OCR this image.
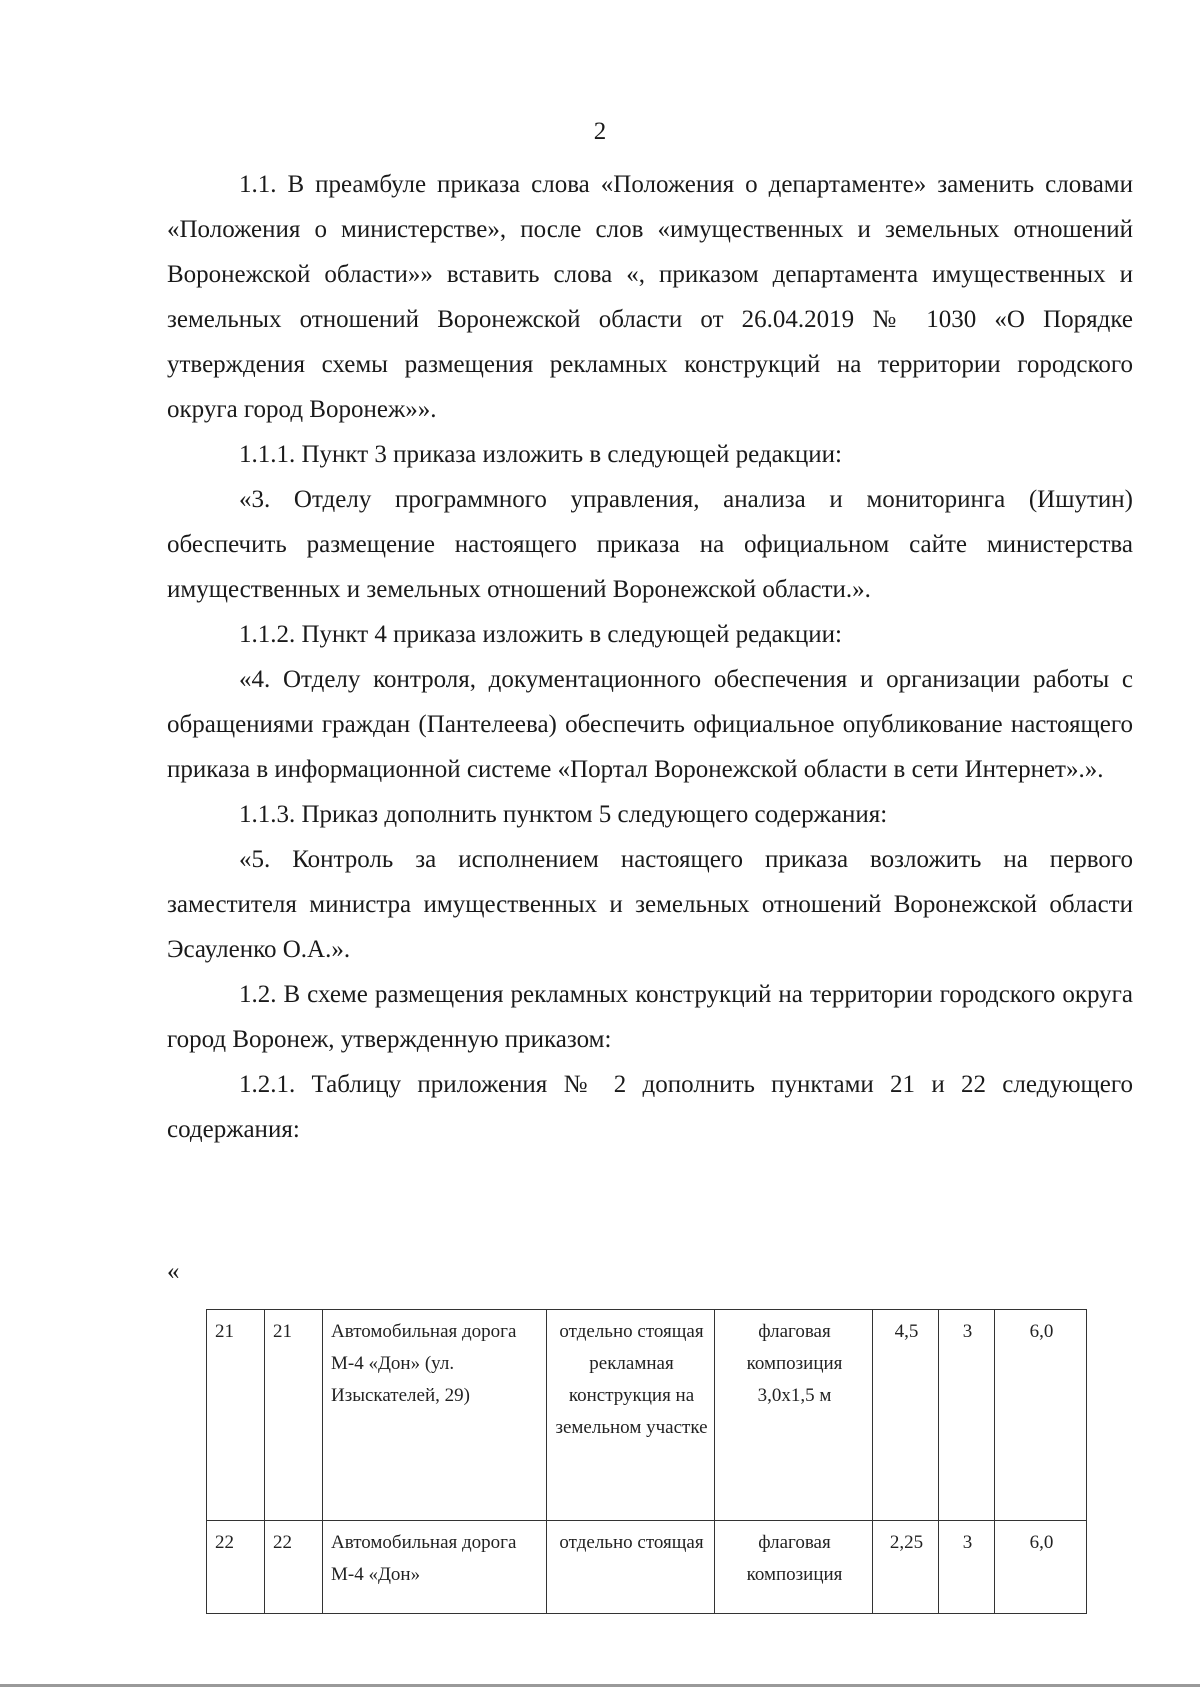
2

1.1. В преамбуле приказа слова «Положения о департаменте» заменить словами «Положения о министерстве», после слов «имущественных и земельных отношений Воронежской области»» вставить слова «, приказом департамента имущественных и земельных отношений Воронежской области от 26.04.2019 № 1030 «О Порядке утверждения схемы размещения рекламных конструкций на территории городского округа город Воронеж»».

1.1.1. Пункт 3 приказа изложить в следующей редакции:

«3. Отделу программного управления, анализа и мониторинга (Ишутин) обеспечить размещение настоящего приказа на официальном сайте министерства имущественных и земельных отношений Воронежской области.».

1.1.2. Пункт 4 приказа изложить в следующей редакции:

«4. Отделу контроля, документационного обеспечения и организации работы с обращениями граждан (Пантелеева) обеспечить официальное опубликование настоящего приказа в информационной системе «Портал Воронежской области в сети Интернет».».

1.1.3. Приказ дополнить пунктом 5 следующего содержания:

«5. Контроль за исполнением настоящего приказа возложить на первого заместителя министра имущественных и земельных отношений Воронежской области Эсауленко О.А.».

1.2. В схеме размещения рекламных конструкций на территории городского округа город Воронеж, утвержденную приказом:

1.2.1. Таблицу приложения № 2 дополнить пунктами 21 и 22 следующего содержания:

«
21	21	Автомобильная дорога М-4 «Дон» (ул. Изыскателей, 29)	отдельно стоящая рекламная конструкция на земельном участке	флаговая композиция 3,0x1,5 м	4,5	3	6,0
22	22	Автомобильная дорога М-4 «Дон»	отдельно стоящая	флаговая композиция	2,25	3	6,0
